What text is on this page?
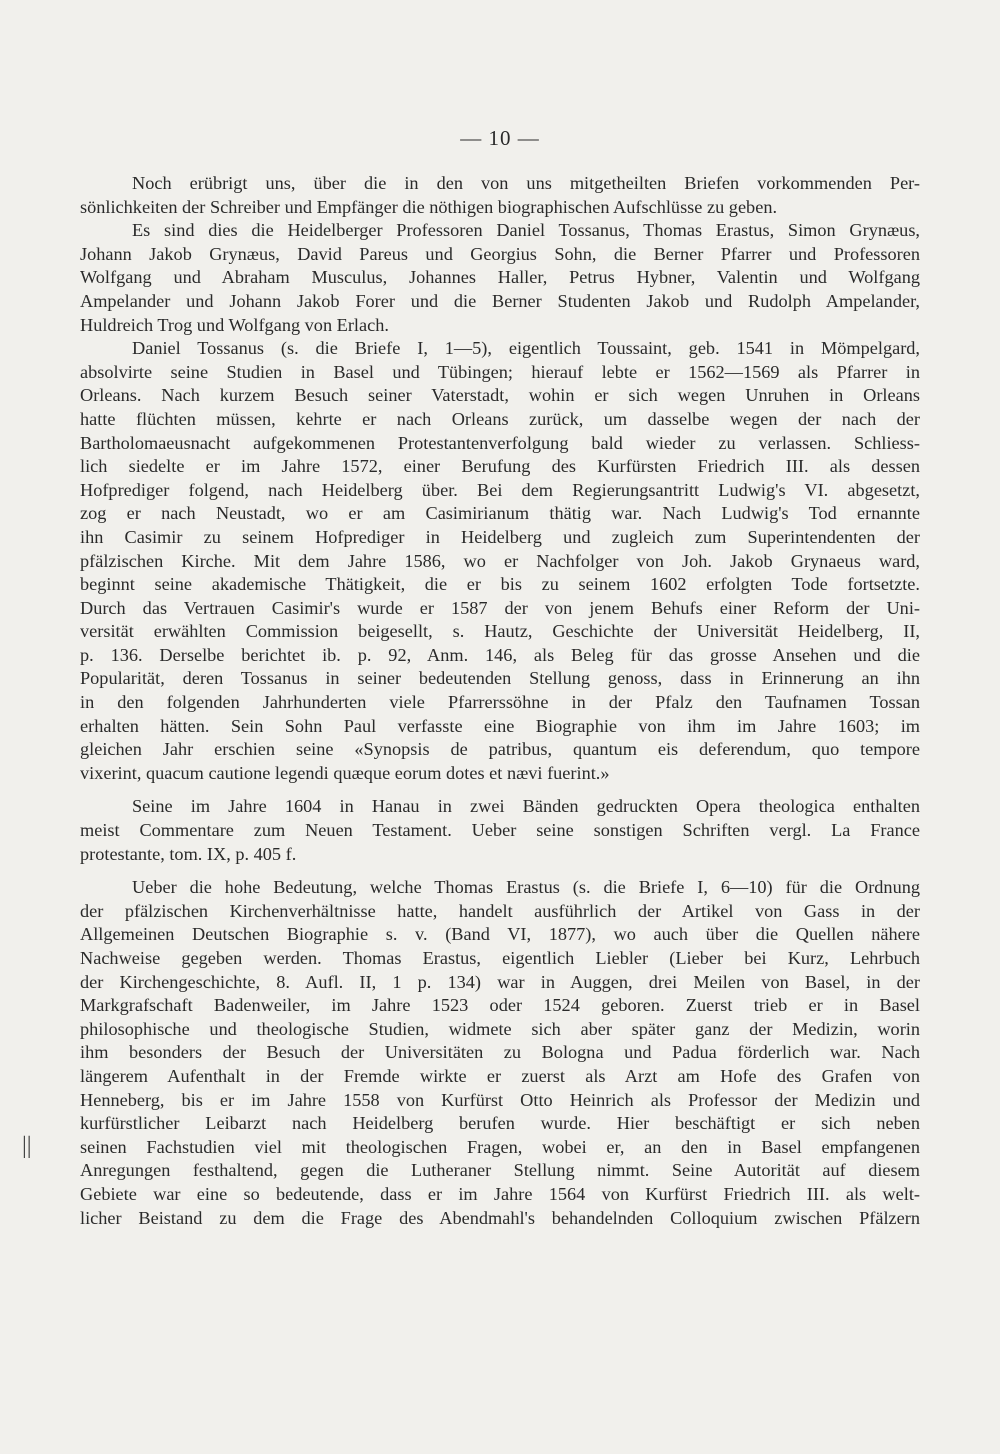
— 10 —
Noch erübrigt uns, über die in den von uns mitgetheilten Briefen vorkommenden Per-
sönlichkeiten der Schreiber und Empfänger die nöthigen biographischen Aufschlüsse zu geben.
Es sind dies die Heidelberger Professoren Daniel Tossanus, Thomas Erastus, Simon Grynæus,
Johann Jakob Grynæus, David Pareus und Georgius Sohn, die Berner Pfarrer und Professoren
Wolfgang und Abraham Musculus, Johannes Haller, Petrus Hybner, Valentin und Wolfgang
Ampelander und Johann Jakob Forer und die Berner Studenten Jakob und Rudolph Ampelander,
Huldreich Trog und Wolfgang von Erlach.
Daniel Tossanus (s. die Briefe I, 1—5), eigentlich Toussaint, geb. 1541 in Mömpelgard,
absolvirte seine Studien in Basel und Tübingen; hierauf lebte er 1562—1569 als Pfarrer in
Orleans. Nach kurzem Besuch seiner Vaterstadt, wohin er sich wegen Unruhen in Orleans
hatte flüchten müssen, kehrte er nach Orleans zurück, um dasselbe wegen der nach der
Bartholomaeusnacht aufgekommenen Protestantenverfolgung bald wieder zu verlassen. Schliess-
lich siedelte er im Jahre 1572, einer Berufung des Kurfürsten Friedrich III. als dessen
Hofprediger folgend, nach Heidelberg über. Bei dem Regierungsantritt Ludwig's VI. abgesetzt,
zog er nach Neustadt, wo er am Casimirianum thätig war. Nach Ludwig's Tod ernannte
ihn Casimir zu seinem Hofprediger in Heidelberg und zugleich zum Superintendenten der
pfälzischen Kirche. Mit dem Jahre 1586, wo er Nachfolger von Joh. Jakob Grynaeus ward,
beginnt seine akademische Thätigkeit, die er bis zu seinem 1602 erfolgten Tode fortsetzte.
Durch das Vertrauen Casimir's wurde er 1587 der von jenem Behufs einer Reform der Uni-
versität erwählten Commission beigesellt, s. Hautz, Geschichte der Universität Heidelberg, II,
p. 136. Derselbe berichtet ib. p. 92, Anm. 146, als Beleg für das grosse Ansehen und die
Popularität, deren Tossanus in seiner bedeutenden Stellung genoss, dass in Erinnerung an ihn
in den folgenden Jahrhunderten viele Pfarrerssöhne in der Pfalz den Taufnamen Tossan
erhalten hätten. Sein Sohn Paul verfasste eine Biographie von ihm im Jahre 1603; im
gleichen Jahr erschien seine «Synopsis de patribus, quantum eis deferendum, quo tempore
vixerint, quacum cautione legendi quæque eorum dotes et nævi fuerint.»
Seine im Jahre 1604 in Hanau in zwei Bänden gedruckten Opera theologica enthalten
meist Commentare zum Neuen Testament. Ueber seine sonstigen Schriften vergl. La France
protestante, tom. IX, p. 405 f.
Ueber die hohe Bedeutung, welche Thomas Erastus (s. die Briefe I, 6—10) für die Ordnung
der pfälzischen Kirchenverhältnisse hatte, handelt ausführlich der Artikel von Gass in der
Allgemeinen Deutschen Biographie s. v. (Band VI, 1877), wo auch über die Quellen nähere
Nachweise gegeben werden. Thomas Erastus, eigentlich Liebler (Lieber bei Kurz, Lehrbuch
der Kirchengeschichte, 8. Aufl. II, 1 p. 134) war in Auggen, drei Meilen von Basel, in der
Markgrafschaft Badenweiler, im Jahre 1523 oder 1524 geboren. Zuerst trieb er in Basel
philosophische und theologische Studien, widmete sich aber später ganz der Medizin, worin
ihm besonders der Besuch der Universitäten zu Bologna und Padua förderlich war. Nach
längerem Aufenthalt in der Fremde wirkte er zuerst als Arzt am Hofe des Grafen von
Henneberg, bis er im Jahre 1558 von Kurfürst Otto Heinrich als Professor der Medizin und
kurfürstlicher Leibarzt nach Heidelberg berufen wurde. Hier beschäftigt er sich neben
seinen Fachstudien viel mit theologischen Fragen, wobei er, an den in Basel empfangenen
Anregungen festhaltend, gegen die Lutheraner Stellung nimmt. Seine Autorität auf diesem
Gebiete war eine so bedeutende, dass er im Jahre 1564 von Kurfürst Friedrich III. als welt-
licher Beistand zu dem die Frage des Abendmahl's behandelnden Colloquium zwischen Pfälzern
||
